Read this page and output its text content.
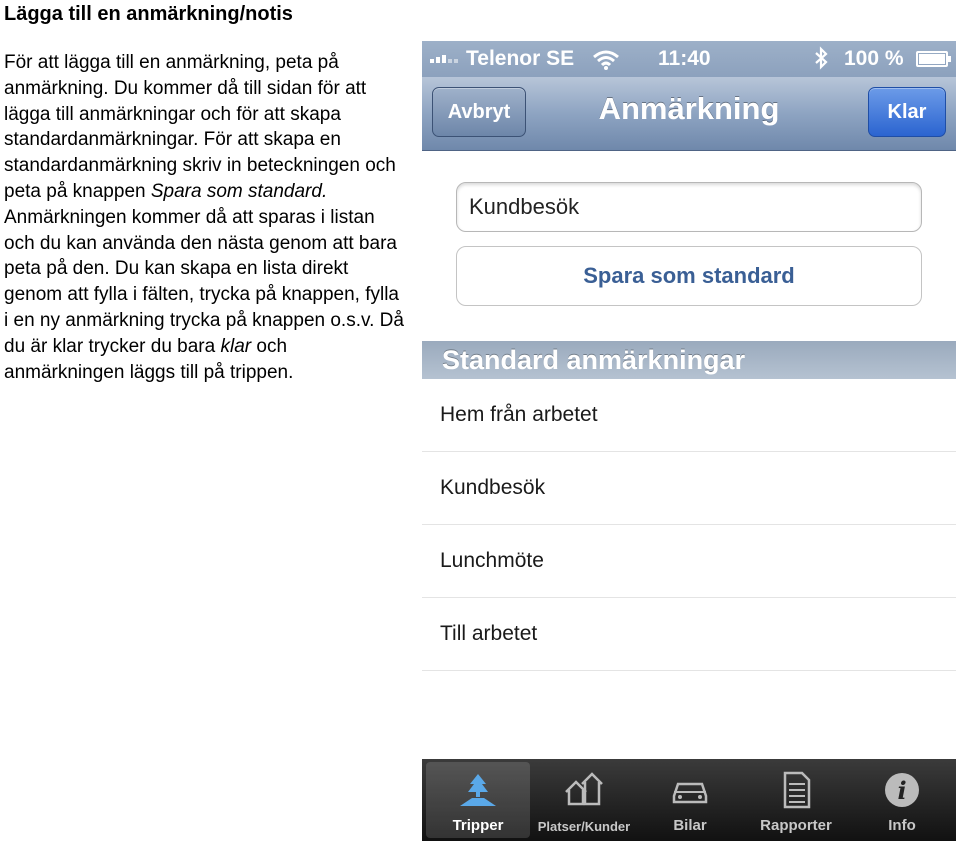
Lägga till en anmärkning/notis
För att lägga till en anmärkning, peta på anmärkning. Du kommer då till sidan för att lägga till anmärkningar och för att skapa standardanmärkningar. För att skapa en standardanmärkning skriv in beteckningen och peta på knappen Spara som standard. Anmärkningen kommer då att sparas i listan och du kan använda den nästa genom att bara peta på den. Du kan skapa en lista direkt genom att fylla i fälten, trycka på knappen, fylla i en ny anmärkning trycka på knappen o.s.v. Då du är klar trycker du bara klar och anmärkningen läggs till på trippen.
Telenor SE	11:40	100 %
Avbryt	Anmärkning	Klar
Kundbesök
Spara som standard
Standard anmärkningar
Hem från arbetet
Kundbesök
Lunchmöte
Till arbetet
Tripper	Platser/Kunder	Bilar	Rapporter
i
Info
